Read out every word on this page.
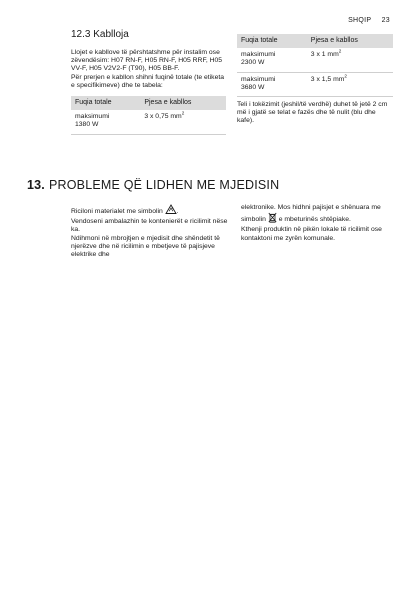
SHQIP 23
12.3 Kablloja

Llojet e kabllove të përshtatshme për instalim ose zëvendësim: H07 RN-F, H05 RN-F, H05 RRF, H05 VV-F, H05 V2V2-F (T90), H05 BB-F.

Për prerjen e kabllon shihni fuqinë totale (te etiketa e specifikimeve) dhe te tabela:

Fuqia totale	Pjesa e kabllos

maksimumi
1380 W	3 x 0,75 $mm^2$
Fuqia totale	Pjesa e kabllos

maksimumi
2300 W	3 x 1 $mm^2$

maksimumi
3680 W	3 x 1,5 $mm^2$

Teli i tokëzimit (jeshil/të verdhë) duhet të jetë 2 cm më i gjatë se telat e fazës dhe të nulit (blu dhe kafe).

13. PROBLEME QË LIDHEN ME MJEDISIN

Riciloni materialet me simbolin .

Vendoseni ambalazhin te kontenierët e ricilimit nëse ka.

Ndihmoni në mbrojtjen e mjedisit dhe shëndetit të njerëzve dhe në ricilimin e mbetjeve të pajisjeve elektrike dhe

elektronike. Mos hidhni pajisjet e shënuara me simbolin e mbeturinës shtëpiake.

Kthenji produktin në pikën lokale të ricilimit ose kontaktoni me zyrën komunale.
